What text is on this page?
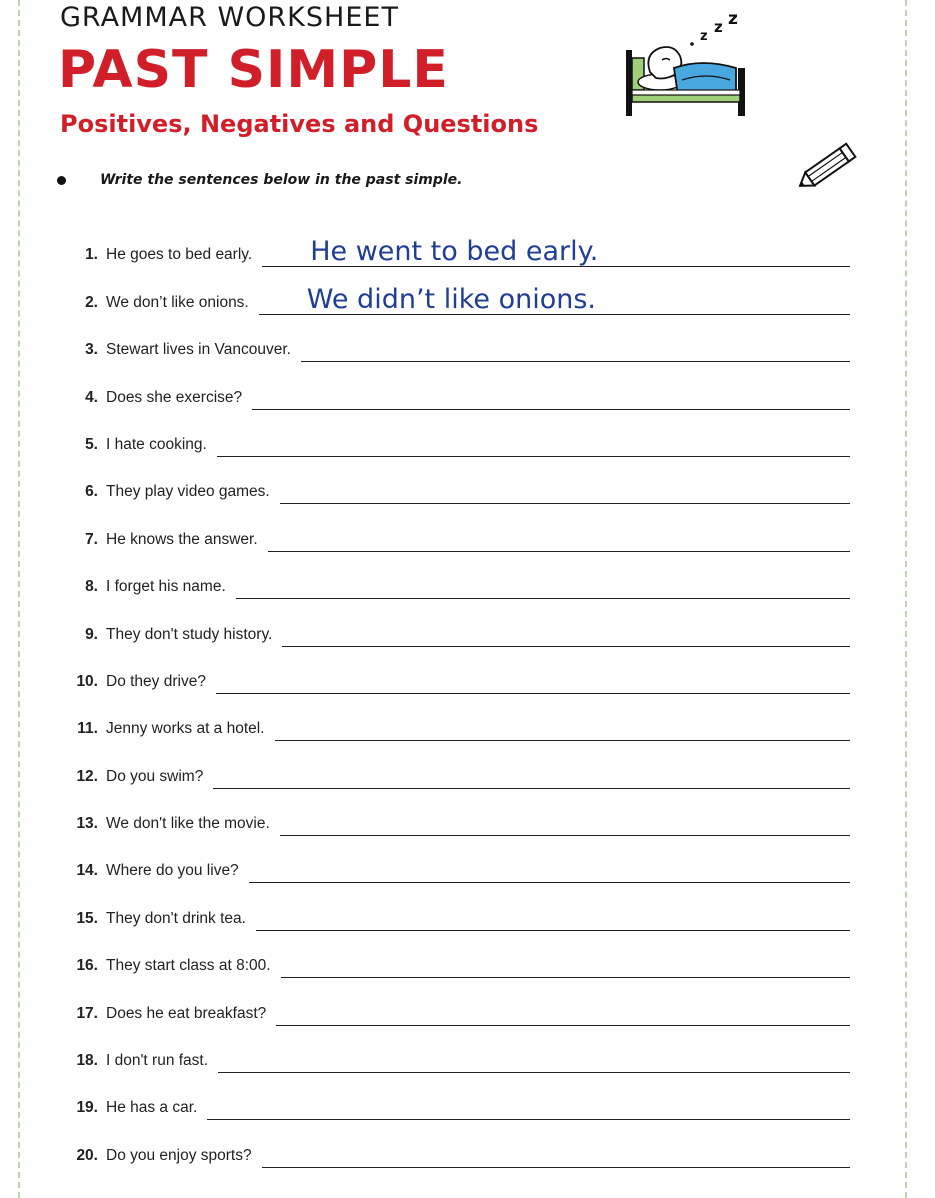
GRAMMAR WORKSHEET
PAST SIMPLE
Positives, Negatives and Questions
z
z z
Write the sentences below in the past simple.
1. He goes to bed early. He went to bed early.
2. We don’t like onions. We didn’t like onions.
3. Stewart lives in Vancouver.
4. Does she exercise?
5. I hate cooking.
6. They play video games.
7. He knows the answer.
8. I forget his name.
9. They don't study history.
10. Do they drive?
11. Jenny works at a hotel.
12. Do you swim?
13. We don't like the movie.
14. Where do you live?
15. They don't drink tea.
16. They start class at 8:00.
17. Does he eat breakfast?
18. I don't run fast.
19. He has a car.
20. Do you enjoy sports?
